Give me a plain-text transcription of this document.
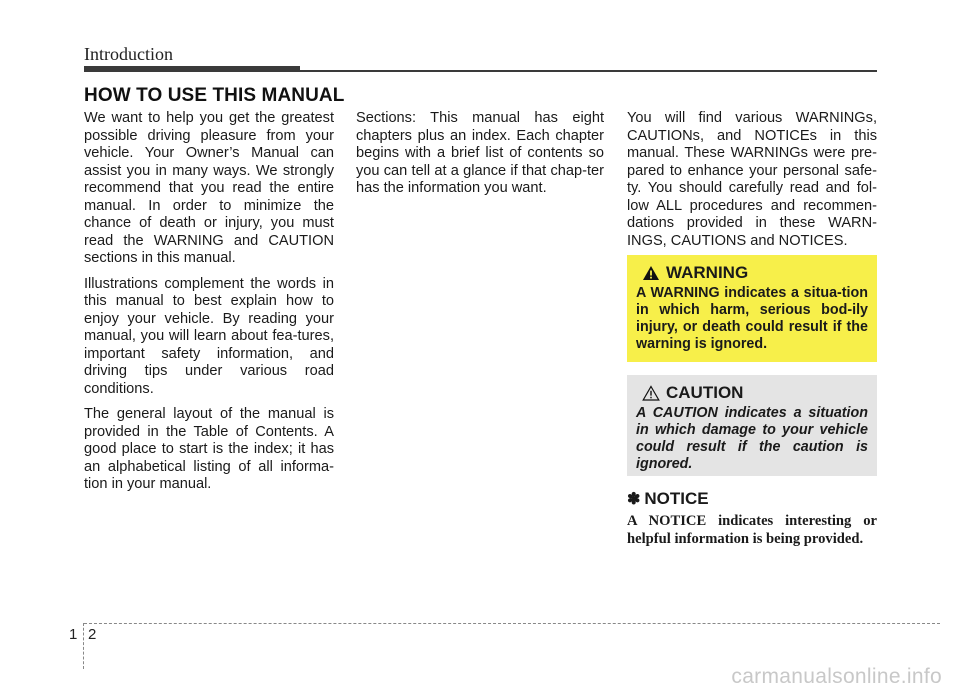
Introduction
HOW TO USE THIS MANUAL

We want to help you get the greatest possible driving pleasure from your vehicle. Your Owner’s Manual can assist you in many ways. We strongly recommend that you read the entire manual. In order to minimize the chance of death or injury, you must read the WARNING and CAUTION sections in this manual.

Illustrations complement the words in this manual to best explain how to enjoy your vehicle. By reading your manual, you will learn about fea-tures, important safety information, and driving tips under various road conditions.

The general layout of the manual is provided in the Table of Contents. A good place to start is the index; it has an alphabetical listing of all informa-tion in your manual.

Sections: This manual has eight chapters plus an index. Each chapter begins with a brief list of contents so you can tell at a glance if that chap-ter has the information you want.

You will find various WARNINGs, CAUTIONs, and NOTICEs in this manual. These WARNINGs were pre-pared to enhance your personal safe-ty. You should carefully read and fol-low ALL procedures and recommen-dations provided in these WARN-INGS, CAUTIONS and NOTICES.

WARNING
A WARNING indicates a situa-tion in which harm, serious bod-ily injury, or death could result if the warning is ignored.
CAUTION
A CAUTION indicates a situation in which damage to your vehicle could result if the caution is ignored.
✽ NOTICE
A NOTICE indicates interesting or helpful information is being provided.
1 2
carmanualsonline.info
